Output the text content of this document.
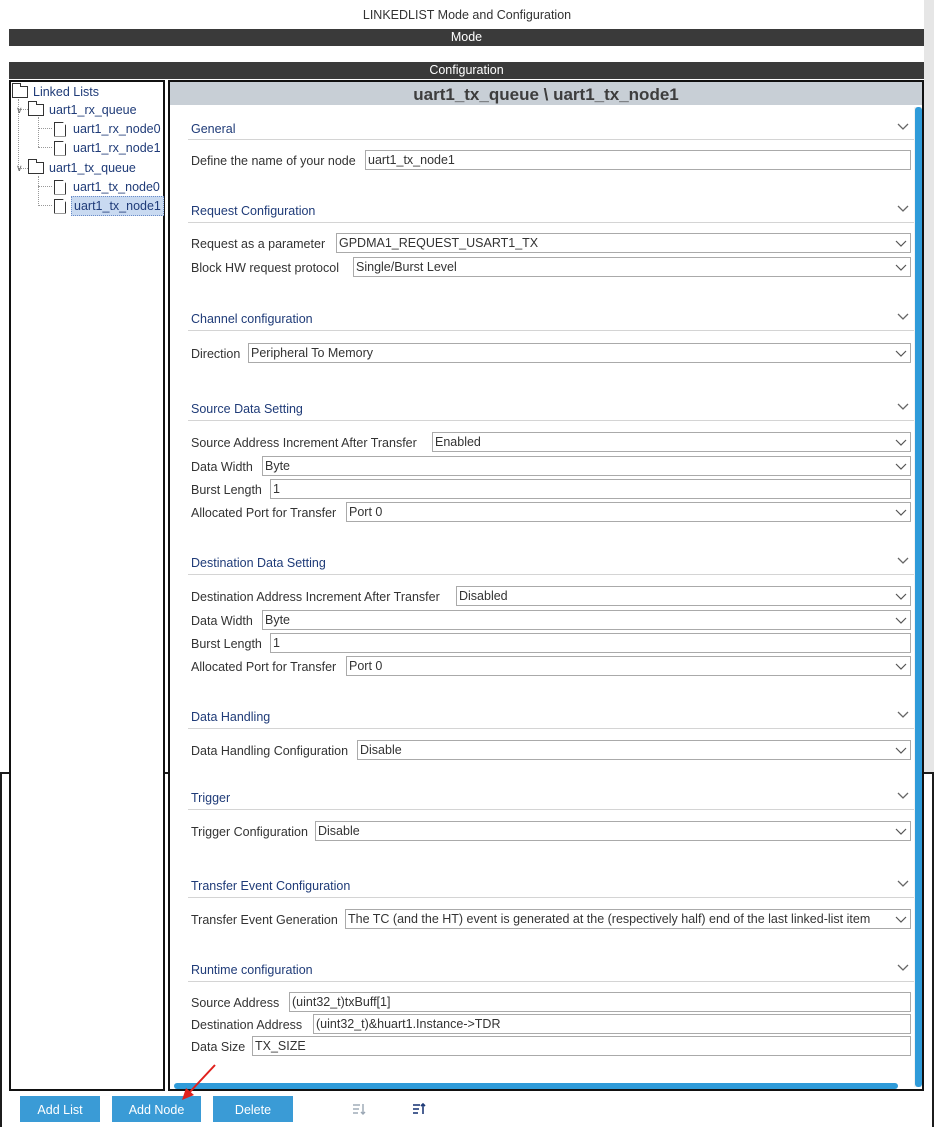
LINKEDLIST Mode and Configuration
Mode
Configuration
Linked Lists
∨ uart1_rx_queue
uart1_rx_node0
uart1_rx_node1
∨ uart1_tx_queue
uart1_tx_node0
uart1_tx_node1
uart1_tx_queue \ uart1_tx_node1
General
Define the name of your node uart1_tx_node1
Request Configuration
Request as a parameter GPDMA1_REQUEST_USART1_TX
Block HW request protocol Single/Burst Level
Channel configuration
Direction Peripheral To Memory
Source Data Setting
Source Address Increment After Transfer Enabled
Data Width Byte
Burst Length 1
Allocated Port for Transfer Port 0
Destination Data Setting
Destination Address Increment After Transfer Disabled
Data Width Byte
Burst Length 1
Allocated Port for Transfer Port 0
Data Handling
Data Handling Configuration Disable
Trigger
Trigger Configuration Disable
Transfer Event Configuration
Transfer Event Generation The TC (and the HT) event is generated at the (respectively half) end of the last linked-list item
Runtime configuration
Source Address (uint32_t)txBuff[1]
Destination Address (uint32_t)&huart1.Instance->TDR
Data Size TX_SIZE
Add List	Add Node	Delete
